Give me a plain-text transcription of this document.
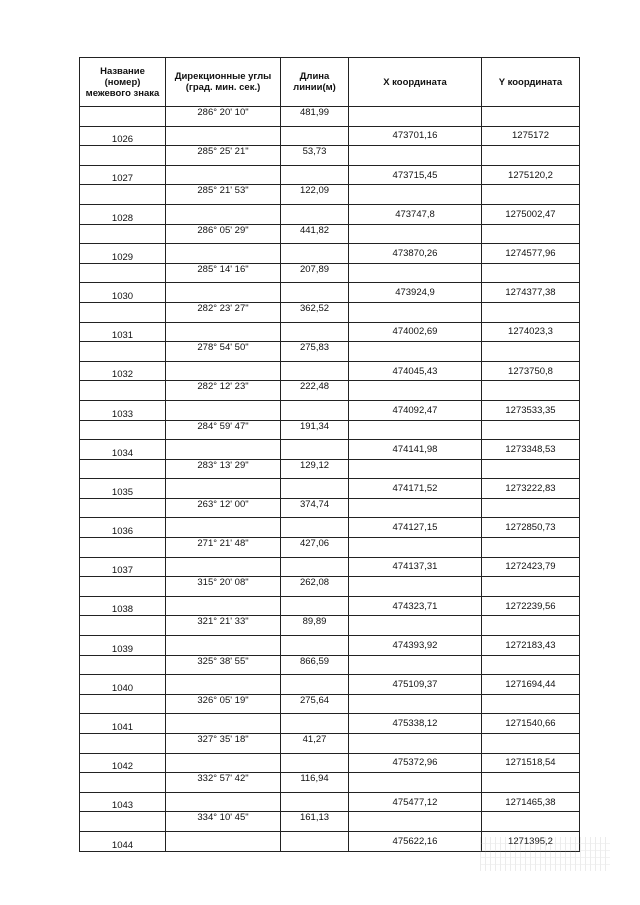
Название (номер) межевого знака	Дирекционные углы (град. мин. сек.)	Длина линии(м)	X координата	Y координата
	286° 20' 10"	481,99		
1026			473701,16	1275172
	285° 25' 21"	53,73		
1027			473715,45	1275120,2
	285° 21' 53"	122,09		
1028			473747,8	1275002,47
	286° 05' 29"	441,82		
1029			473870,26	1274577,96
	285° 14' 16"	207,89		
1030			473924,9	1274377,38
	282° 23' 27"	362,52		
1031			474002,69	1274023,3
	278° 54' 50"	275,83		
1032			474045,43	1273750,8
	282° 12' 23"	222,48		
1033			474092,47	1273533,35
	284° 59' 47"	191,34		
1034			474141,98	1273348,53
	283° 13' 29"	129,12		
1035			474171,52	1273222,83
	263° 12' 00"	374,74		
1036			474127,15	1272850,73
	271° 21' 48"	427,06		
1037			474137,31	1272423,79
	315° 20' 08"	262,08		
1038			474323,71	1272239,56
	321° 21' 33"	89,89		
1039			474393,92	1272183,43
	325° 38' 55"	866,59		
1040			475109,37	1271694,44
	326° 05' 19"	275,64		
1041			475338,12	1271540,66
	327° 35' 18"	41,27		
1042			475372,96	1271518,54
	332° 57' 42"	116,94		
1043			475477,12	1271465,38
	334° 10' 45"	161,13		
1044			475622,16	1271395,2
